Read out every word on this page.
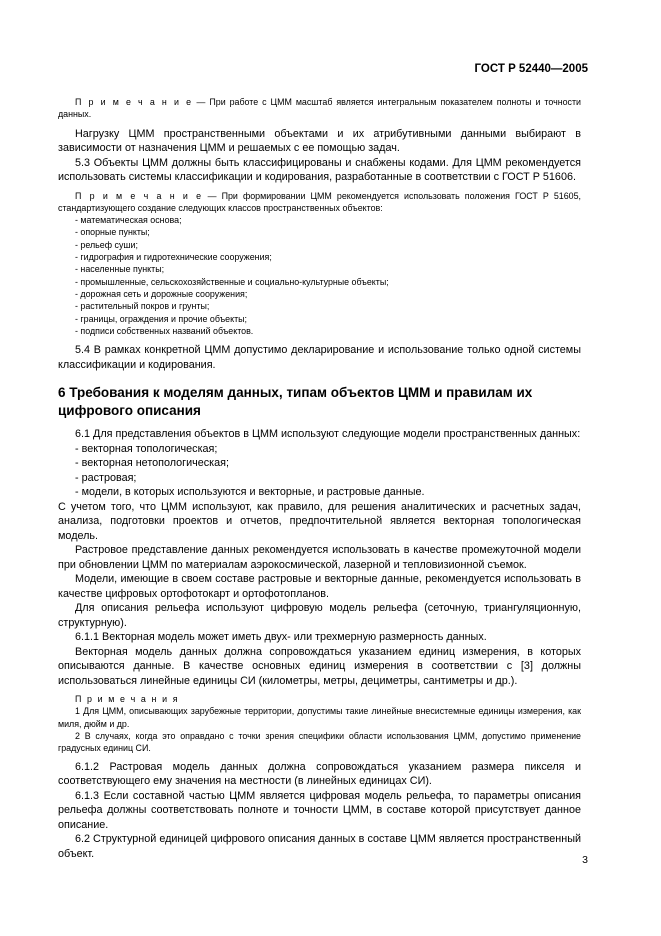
ГОСТ Р 52440—2005

П р и м е ч а н и е — При работе с ЦММ масштаб является интегральным показателем полноты и точности данных.

Нагрузку ЦММ пространственными объектами и их атрибутивными данными выбирают в зависимости от назначения ЦММ и решаемых с ее помощью задач.

5.3 Объекты ЦММ должны быть классифицированы и снабжены кодами. Для ЦММ рекомендуется использовать системы классификации и кодирования, разработанные в соответствии с ГОСТ Р 51606.

П р и м е ч а н и е — При формировании ЦММ рекомендуется использовать положения ГОСТ Р 51605, стандартизующего создание следующих классов пространственных объектов:

- математическая основа;
- опорные пункты;
- рельеф суши;
- гидрография и гидротехнические сооружения;
- населенные пункты;
- промышленные, сельскохозяйственные и социально-культурные объекты;
- дорожная сеть и дорожные сооружения;
- растительный покров и грунты;
- границы, ограждения и прочие объекты;
- подписи собственных названий объектов.

5.4 В рамках конкретной ЦММ допустимо декларирование и использование только одной системы классификации и кодирования.

6 Требования к моделям данных, типам объектов ЦММ и правилам их цифрового описания

6.1 Для представления объектов в ЦММ используют следующие модели пространственных данных:

- векторная топологическая;
- векторная нетопологическая;
- растровая;
- модели, в которых используются и векторные, и растровые данные.

С учетом того, что ЦММ используют, как правило, для решения аналитических и расчетных задач, анализа, подготовки проектов и отчетов, предпочтительной является векторная топологическая модель.

Растровое представление данных рекомендуется использовать в качестве промежуточной модели при обновлении ЦММ по материалам аэрокосмической, лазерной и тепловизионной съемок.

Модели, имеющие в своем составе растровые и векторные данные, рекомендуется использовать в качестве цифровых ортофотокарт и ортофотопланов.

Для описания рельефа используют цифровую модель рельефа (сеточную, триангуляционную, структурную).

6.1.1 Векторная модель может иметь двух- или трехмерную размерность данных.

Векторная модель данных должна сопровождаться указанием единиц измерения, в которых описываются данные. В качестве основных единиц измерения в соответствии с [3] должны использоваться линейные единицы СИ (километры, метры, дециметры, сантиметры и др.).

П р и м е ч а н и я

1 Для ЦММ, описывающих зарубежные территории, допустимы такие линейные внесистемные единицы измерения, как миля, дюйм и др.

2 В случаях, когда это оправдано с точки зрения специфики области использования ЦММ, допустимо применение градусных единиц СИ.

6.1.2 Растровая модель данных должна сопровождаться указанием размера пикселя и соответствующего ему значения на местности (в линейных единицах СИ).

6.1.3 Если составной частью ЦММ является цифровая модель рельефа, то параметры описания рельефа должны соответствовать полноте и точности ЦММ, в составе которой присутствует данное описание.

6.2 Структурной единицей цифрового описания данных в составе ЦММ является пространственный объект.

3
